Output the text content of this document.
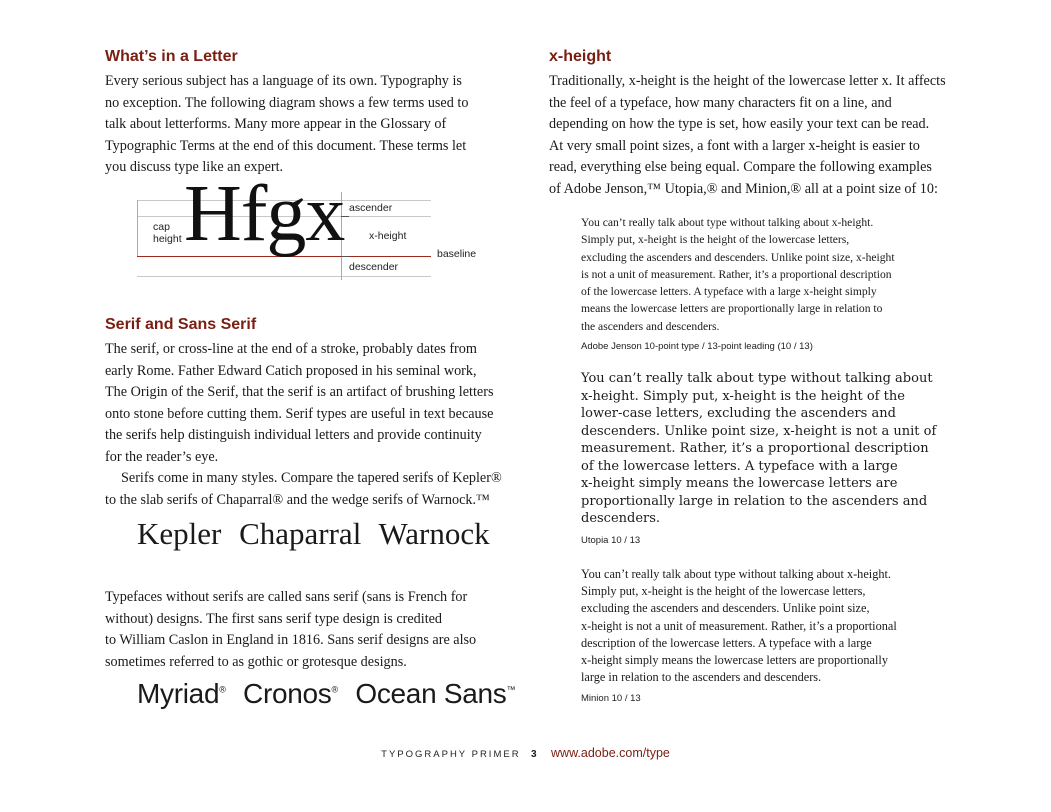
What’s in a Letter

Every serious subject has a language of its own. Typography is
no exception. The following diagram shows a few terms used to
talk about letterforms. Many more appear in the Glossary of
Typographic Terms at the end of this document. These terms let
you discuss type like an expert.

Hfgx
cap
height
ascender
x-height
descender
baseline
Serif and Sans Serif

The serif, or cross-line at the end of a stroke, probably dates from
early Rome. Father Edward Catich proposed in his seminal work,
The Origin of the Serif, that the serif is an artifact of brushing letters
onto stone before cutting them. Serif types are useful in text because
the serifs help distinguish individual letters and provide continuity
for the reader’s eye.
Serifs come in many styles. Compare the tapered serifs of Kepler®
to the slab serifs of Chaparral® and the wedge serifs of Warnock.™

Kepler Chaparral Warnock

Typefaces without serifs are called sans serif (sans is French for
without) designs. The first sans serif type design is credited
to William Caslon in England in 1816. Sans serif designs are also
sometimes referred to as gothic or grotesque designs.

Myriad® Cronos® Ocean Sans™
x-height

Traditionally, x-height is the height of the lowercase letter x. It affects
the feel of a typeface, how many characters fit on a line, and
depending on how the type is set, how easily your text can be read.
At very small point sizes, a font with a larger x-height is easier to
read, everything else being equal. Compare the following examples
of Adobe Jenson,™ Utopia,® and Minion,® all at a point size of 10:

You can’t really talk about type without talking about x-height.
Simply put, x-height is the height of the lowercase letters,
excluding the ascenders and descenders. Unlike point size, x-height
is not a unit of measurement. Rather, it’s a proportional description
of the lowercase letters. A typeface with a large x-height simply
means the lowercase letters are proportionally large in relation to
the ascenders and descenders.

Adobe Jenson 10-point type / 13-point leading (10 / 13)

You can’t really talk about type without talking about
x-height. Simply put, x-height is the height of the
lower-case letters, excluding the ascenders and
descenders. Unlike point size, x-height is not a unit of
measurement. Rather, it’s a proportional description
of the lowercase letters. A typeface with a large
x-height simply means the lowercase letters are
proportionally large in relation to the ascenders and
descenders.

Utopia 10 / 13

You can’t really talk about type without talking about x-height.
Simply put, x-height is the height of the lowercase letters,
excluding the ascenders and descenders. Unlike point size,
x-height is not a unit of measurement. Rather, it’s a proportional
description of the lowercase letters. A typeface with a large
x-height simply means the lowercase letters are proportionally
large in relation to the ascenders and descenders.

Minion 10 / 13
TYPOGRAPHY PRIMER 3 www.adobe.com/type
